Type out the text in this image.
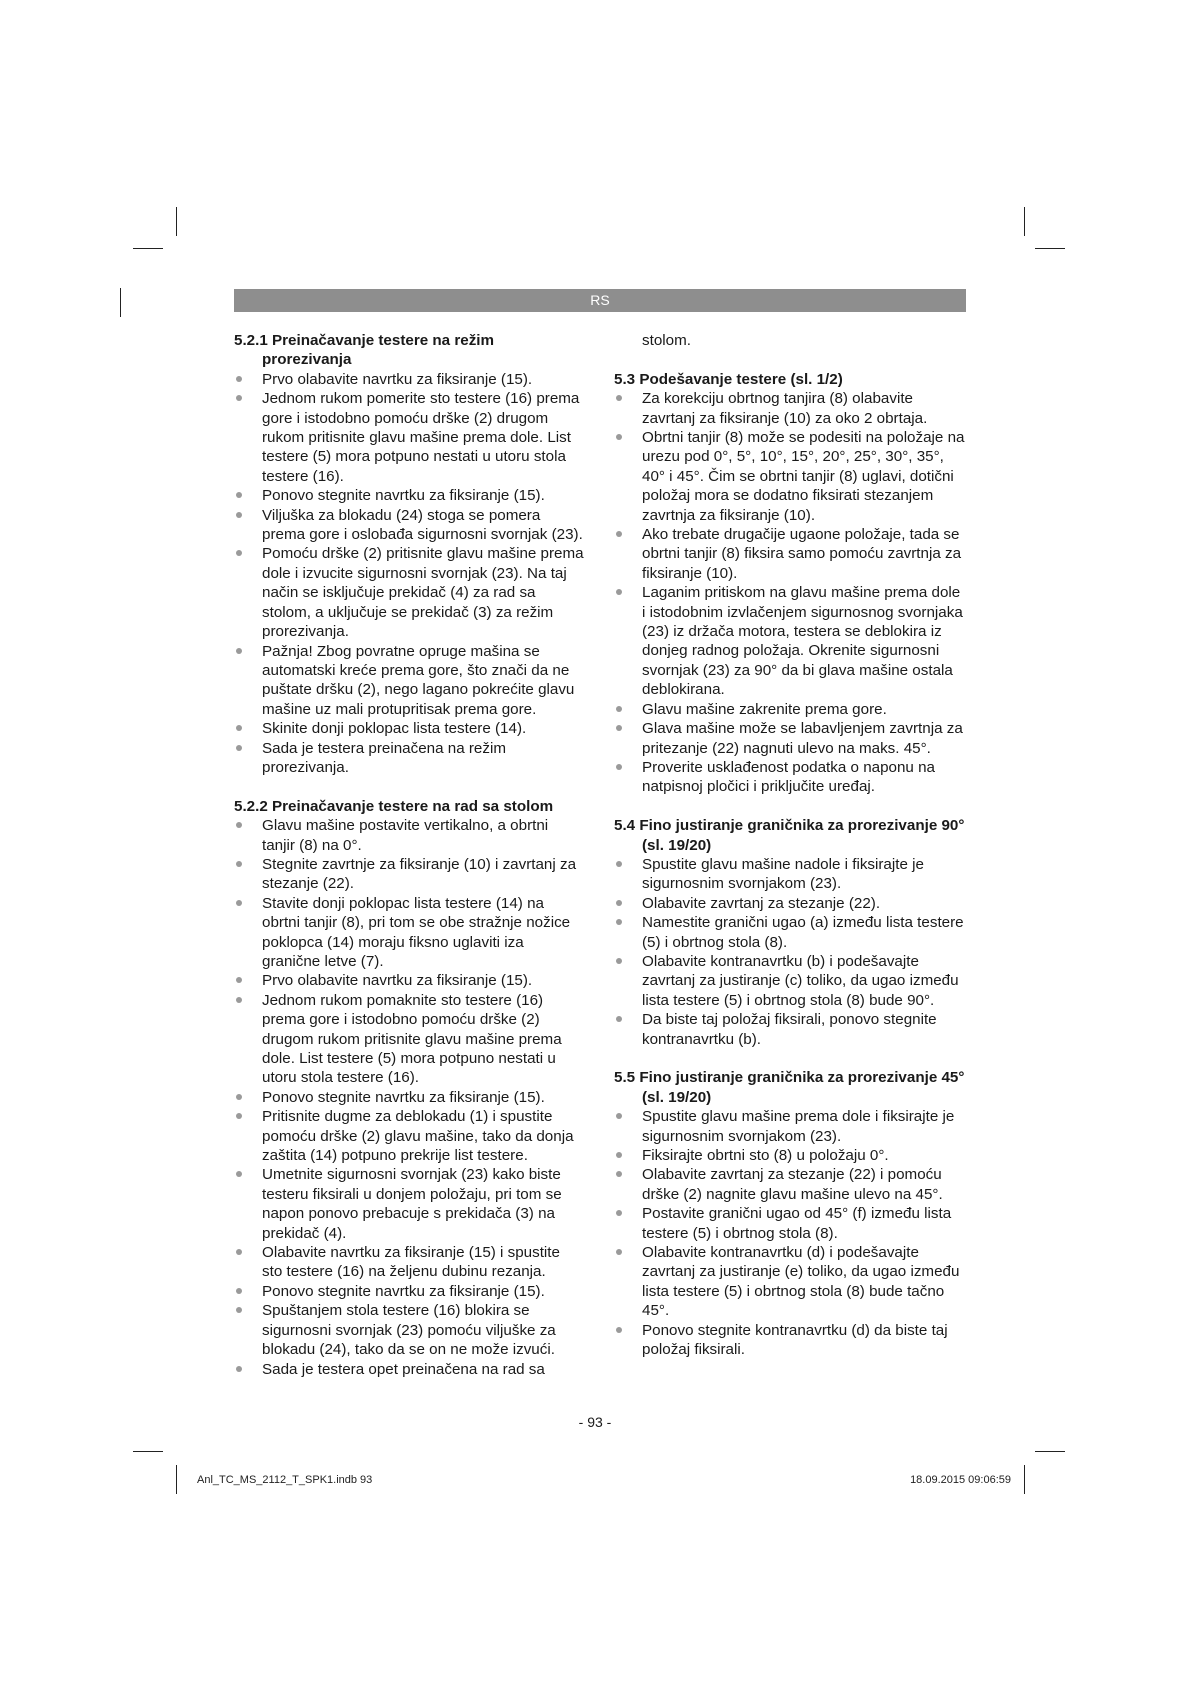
RS

5.2.1 Preinačavanje testere na režim prorezivanja

Prvo olabavite navrtku za fiksiranje (15).
Jednom rukom pomerite sto testere (16) prema gore i istodobno pomoću drške (2) drugom rukom pritisnite glavu mašine prema dole. List testere (5) mora potpuno nestati u utoru stola testere (16).
Ponovo stegnite navrtku za fiksiranje (15).
Viljuška za blokadu (24) stoga se pomera prema gore i oslobađa sigurnosni svornjak (23).
Pomoću drške (2) pritisnite glavu mašine prema dole i izvucite sigurnosni svornjak (23). Na taj način se isključuje prekidač (4) za rad sa stolom, a uključuje se prekidač (3) za režim prorezivanja.
Pažnja! Zbog povratne opruge mašina se automatski kreće prema gore, što znači da ne puštate dršku (2), nego lagano pokrećite glavu mašine uz mali protupritisak prema gore.
Skinite donji poklopac lista testere (14).
Sada je testera preinačena na režim prorezivanja.

5.2.2 Preinačavanje testere na rad sa stolom

Glavu mašine postavite vertikalno, a obrtni tanjir (8) na 0°.
Stegnite zavrtnje za fiksiranje (10) i zavrtanj za stezanje (22).
Stavite donji poklopac lista testere (14) na obrtni tanjir (8), pri tom se obe stražnje nožice poklopca (14) moraju fiksno uglaviti iza granične letve (7).
Prvo olabavite navrtku za fiksiranje (15).
Jednom rukom pomaknite sto testere (16) prema gore i istodobno pomoću drške (2) drugom rukom pritisnite glavu mašine prema dole. List testere (5) mora potpuno nestati u utoru stola testere (16).
Ponovo stegnite navrtku za fiksiranje (15).
Pritisnite dugme za deblokadu (1) i spustite pomoću drške (2) glavu mašine, tako da donja zaštita (14) potpuno prekrije list testere.
Umetnite sigurnosni svornjak (23) kako biste testeru fiksirali u donjem položaju, pri tom se napon ponovo prebacuje s prekidača (3) na prekidač (4).
Olabavite navrtku za fiksiranje (15) i spustite sto testere (16) na željenu dubinu rezanja.
Ponovo stegnite navrtku za fiksiranje (15).
Spuštanjem stola testere (16) blokira se sigurnosni svornjak (23) pomoću viljuške za blokadu (24), tako da se on ne može izvući.
Sada je testera opet preinačena na rad sa

stolom.

5.3 Podešavanje testere (sl. 1/2)

Za korekciju obrtnog tanjira (8) olabavite zavrtanj za fiksiranje (10) za oko 2 obrtaja.
Obrtni tanjir (8) može se podesiti na položaje na urezu pod 0°, 5°, 10°, 15°, 20°, 25°, 30°, 35°, 40° i 45°. Čim se obrtni tanjir (8) uglavi, dotični položaj mora se dodatno fiksirati stezanjem zavrtnja za fiksiranje (10).
Ako trebate drugačije ugaone položaje, tada se obrtni tanjir (8) fiksira samo pomoću zavrtnja za fiksiranje (10).
Laganim pritiskom na glavu mašine prema dole i istodobnim izvlačenjem sigurnosnog svornjaka (23) iz držača motora, testera se deblokira iz donjeg radnog položaja. Okrenite sigurnosni svornjak (23) za 90° da bi glava mašine ostala deblokirana.
Glavu mašine zakrenite prema gore.
Glava mašine može se labavljenjem zavrtnja za pritezanje (22) nagnuti ulevo na maks. 45°.
Proverite usklađenost podatka o naponu na natpisnoj pločici i priključite uređaj.

5.4 Fino justiranje graničnika za prorezivanje 90° (sl. 19/20)

Spustite glavu mašine nadole i fiksirajte je sigurnosnim svornjakom (23).
Olabavite zavrtanj za stezanje (22).
Namestite granični ugao (a) između lista testere (5) i obrtnog stola (8).
Olabavite kontranavrtku (b) i podešavajte zavrtanj za justiranje (c) toliko, da ugao između lista testere (5) i obrtnog stola (8) bude 90°.
Da biste taj položaj fiksirali, ponovo stegnite kontranavrtku (b).

5.5 Fino justiranje graničnika za prorezivanje 45° (sl. 19/20)

Spustite glavu mašine prema dole i fiksirajte je sigurnosnim svornjakom (23).
Fiksirajte obrtni sto (8) u položaju 0°.
Olabavite zavrtanj za stezanje (22) i pomoću drške (2) nagnite glavu mašine ulevo na 45°.
Postavite granični ugao od 45° (f) između lista testere (5) i obrtnog stola (8).
Olabavite kontranavrtku (d) i podešavajte zavrtanj za justiranje (e) toliko, da ugao između lista testere (5) i obrtnog stola (8) bude tačno 45°.
Ponovo stegnite kontranavrtku (d) da biste taj položaj fiksirali.
- 93 -
Anl_TC_MS_2112_T_SPK1.indb 93	18.09.2015 09:06:59
